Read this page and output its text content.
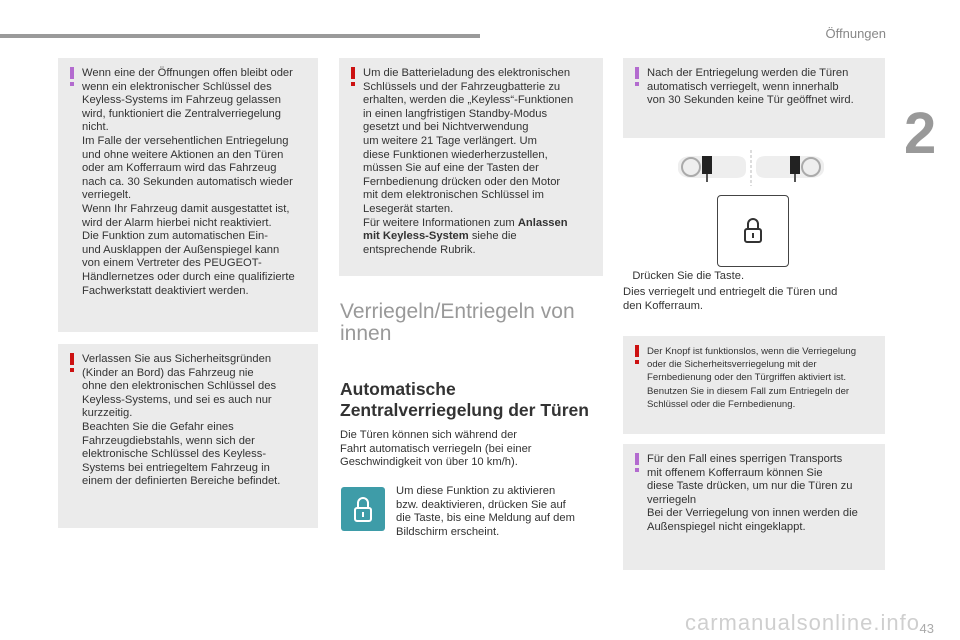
Öffnungen
2
Wenn eine der Öffnungen offen bleibt oder
wenn ein elektronischer Schlüssel des
Keyless-Systems im Fahrzeug gelassen
wird, funktioniert die Zentralverriegelung
nicht.
Im Falle der versehentlichen Entriegelung
und ohne weitere Aktionen an den Türen
oder am Kofferraum wird das Fahrzeug
nach ca. 30 Sekunden automatisch wieder
verriegelt.
Wenn Ihr Fahrzeug damit ausgestattet ist,
wird der Alarm hierbei nicht reaktiviert.
Die Funktion zum automatischen Ein-
und Ausklappen der Außenspiegel kann
von einem Vertreter des PEUGEOT-
Händlernetzes oder durch eine qualifizierte
Fachwerkstatt deaktiviert werden.
Verlassen Sie aus Sicherheitsgründen
(Kinder an Bord) das Fahrzeug nie
ohne den elektronischen Schlüssel des
Keyless-Systems, und sei es auch nur
kurzzeitig.
Beachten Sie die Gefahr eines
Fahrzeugdiebstahls, wenn sich der
elektronische Schlüssel des Keyless-
Systems bei entriegeltem Fahrzeug in
einem der definierten Bereiche befindet.
Um die Batterieladung des elektronischen
Schlüssels und der Fahrzeugbatterie zu
erhalten, werden die „Keyless“-Funktionen
in einen langfristigen Standby-Modus
gesetzt und bei Nichtverwendung
um weitere 21 Tage verlängert. Um
diese Funktionen wiederherzustellen,
müssen Sie auf eine der Tasten der
Fernbedienung drücken oder den Motor
mit dem elektronischen Schlüssel im
Lesegerät starten.
Für weitere Informationen zum Anlassen
mit Keyless-System siehe die
entsprechende Rubrik.
Verriegeln/Entriegeln von innen
Automatische Zentralverriegelung der Türen
Die Türen können sich während der
Fahrt automatisch verriegeln (bei einer
Geschwindigkeit von über 10 km/h).
Um diese Funktion zu aktivieren
bzw. deaktivieren, drücken Sie auf
die Taste, bis eine Meldung auf dem
Bildschirm erscheint.
Nach der Entriegelung werden die Türen
automatisch verriegelt, wenn innerhalb
von 30 Sekunden keine Tür geöffnet wird.
Drücken Sie die Taste.
Dies verriegelt und entriegelt die Türen und
den Kofferraum.
Der Knopf ist funktionslos, wenn die Verriegelung
oder die Sicherheitsverriegelung mit der
Fernbedienung oder den Türgriffen aktiviert ist.
Benutzen Sie in diesem Fall zum Entriegeln der
Schlüssel oder die Fernbedienung.
Für den Fall eines sperrigen Transports
mit offenem Kofferraum können Sie
diese Taste drücken, um nur die Türen zu
verriegeln
Bei der Verriegelung von innen werden die
Außenspiegel nicht eingeklappt.
carmanualsonline.info 43
